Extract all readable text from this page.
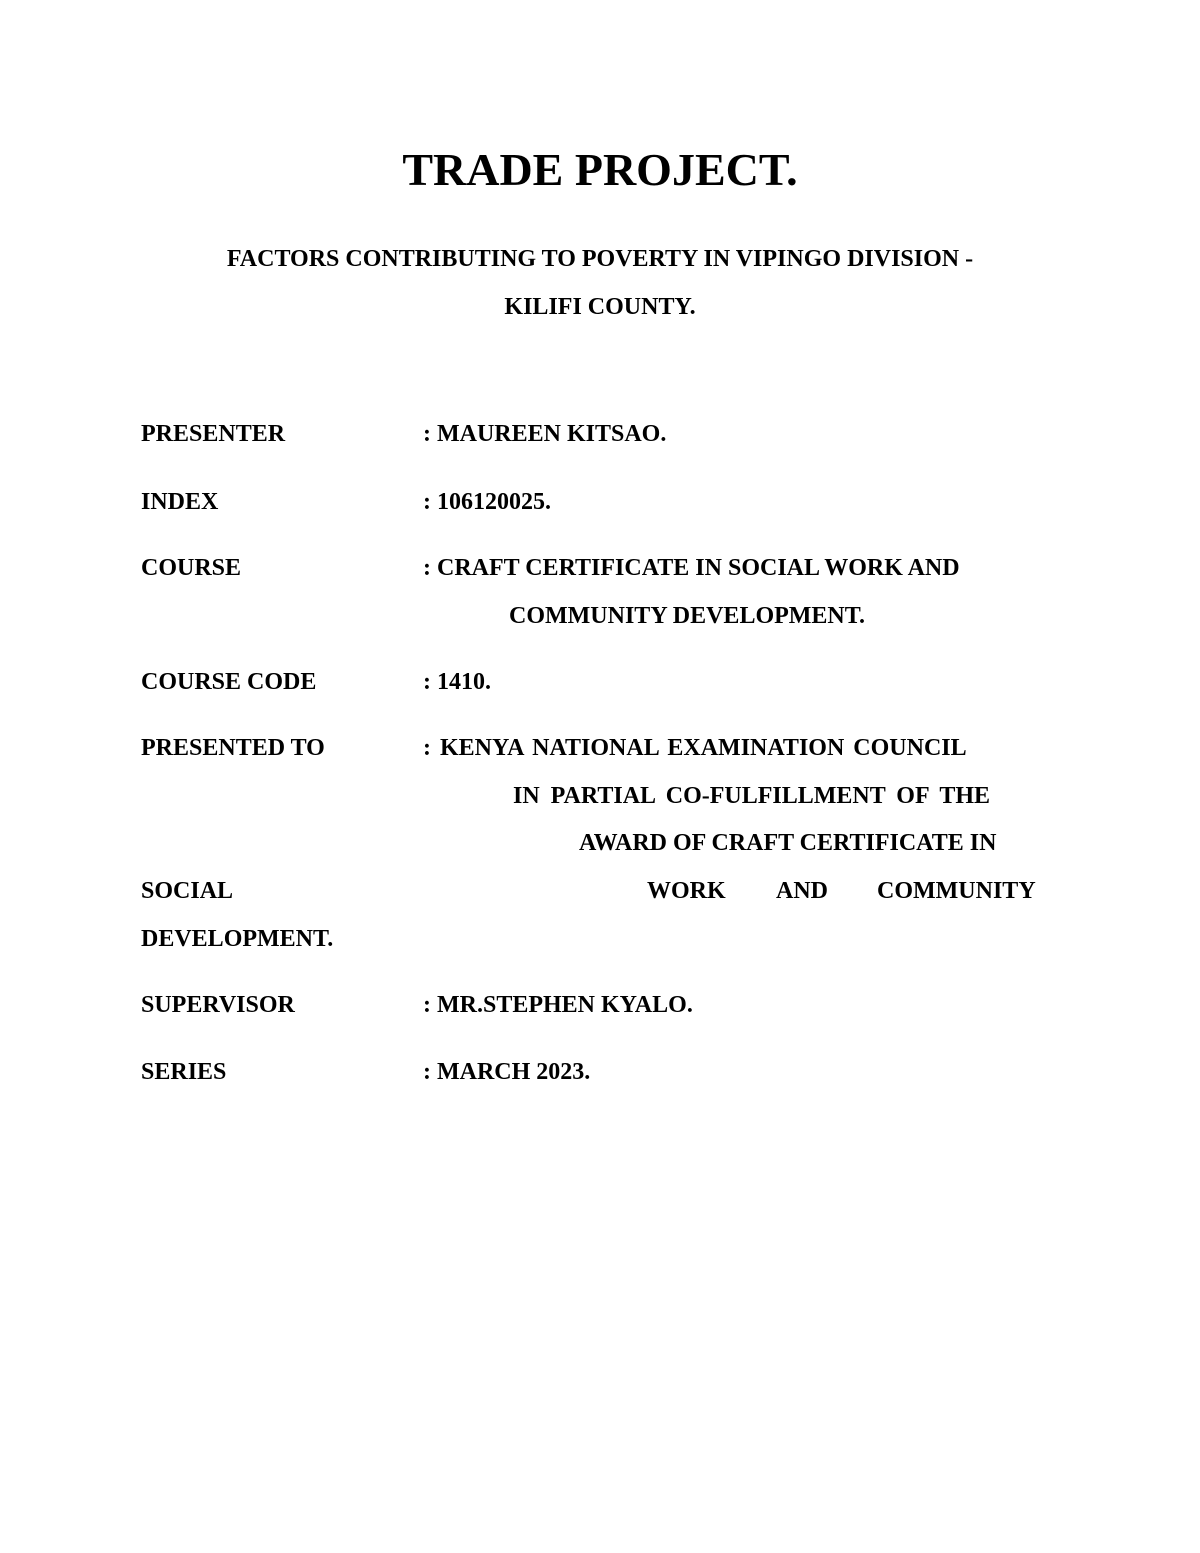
TRADE PROJECT.
FACTORS CONTRIBUTING TO POVERTY IN VIPINGO DIVISION -
KILIFI COUNTY.
PRESENTER	: MAUREEN KITSAO.
INDEX	: 106120025.
COURSE	: CRAFT CERTIFICATE IN SOCIAL WORK AND
COMMUNITY DEVELOPMENT.
COURSE CODE	: 1410.
PRESENTED TO	: KENYA NATIONAL EXAMINATION COUNCIL
IN PARTIAL CO-FULFILLMENT OF THE
AWARD OF CRAFT CERTIFICATE IN
SOCIAL	WORK AND COMMUNITY
DEVELOPMENT.
SUPERVISOR	: MR.STEPHEN KYALO.
SERIES	: MARCH 2023.
